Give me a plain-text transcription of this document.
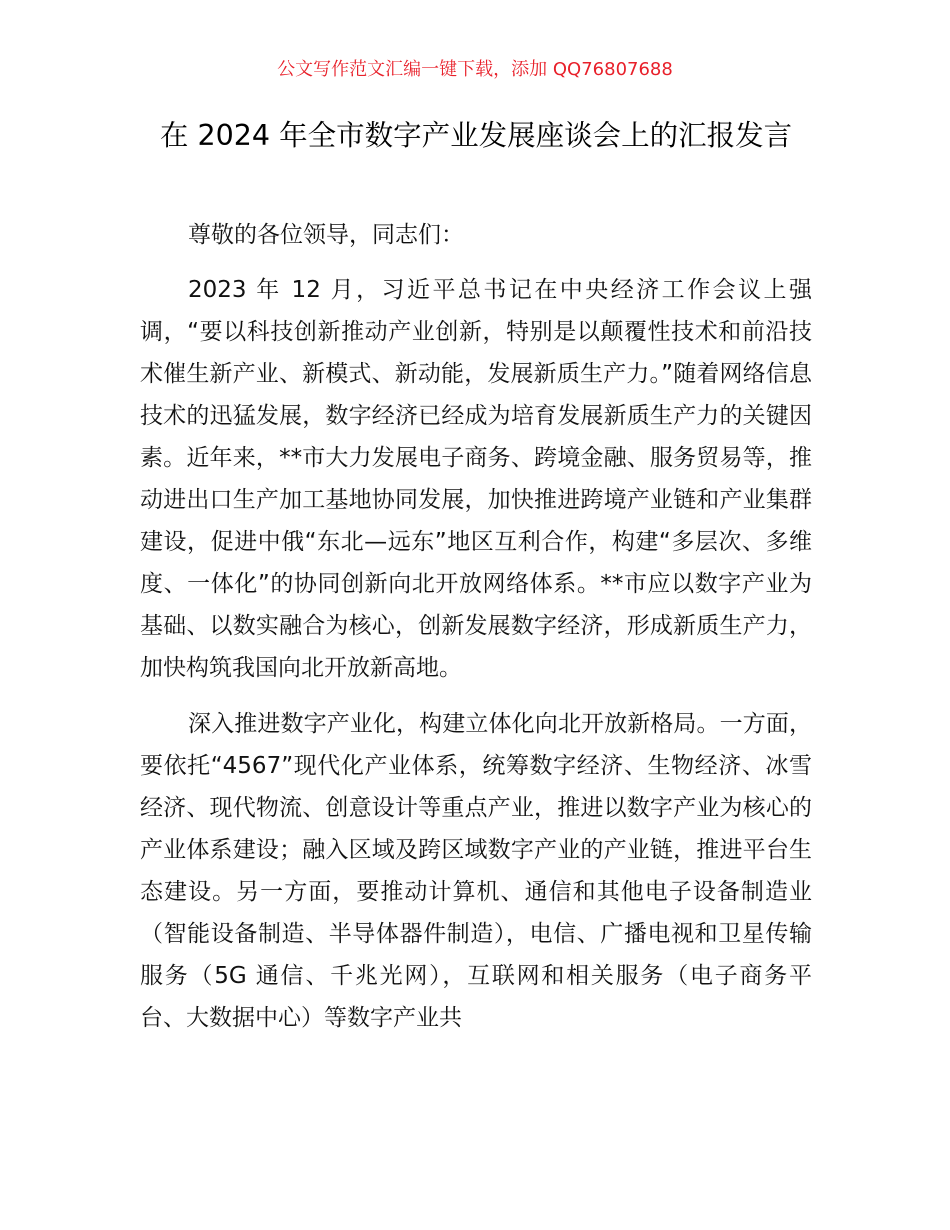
公文写作范文汇编一键下载，添加 QQ76807688
在 2024 年全市数字产业发展座谈会上的汇报发言

尊敬的各位领导，同志们：

2023 年 12 月，习近平总书记在中央经济工作会议上强调，“要以科技创新推动产业创新，特别是以颠覆性技术和前沿技术催生新产业、新模式、新动能，发展新质生产力。”随着网络信息技术的迅猛发展，数字经济已经成为培育发展新质生产力的关键因素。近年来，**市大力发展电子商务、跨境金融、服务贸易等，推动进出口生产加工基地协同发展，加快推进跨境产业链和产业集群建设，促进中俄“东北—远东”地区互利合作，构建“多层次、多维度、一体化”的协同创新向北开放网络体系。**市应以数字产业为基础、以数实融合为核心，创新发展数字经济，形成新质生产力，加快构筑我国向北开放新高地。

深入推进数字产业化，构建立体化向北开放新格局。一方面，要依托“4567”现代化产业体系，统筹数字经济、生物经济、冰雪经济、现代物流、创意设计等重点产业，推进以数字产业为核心的产业体系建设；融入区域及跨区域数字产业的产业链，推进平台生态建设。另一方面，要推动计算机、通信和其他电子设备制造业（智能设备制造、半导体器件制造），电信、广播电视和卫星传输服务（5G 通信、千兆光网），互联网和相关服务（电子商务平台、大数据中心）等数字产业共
